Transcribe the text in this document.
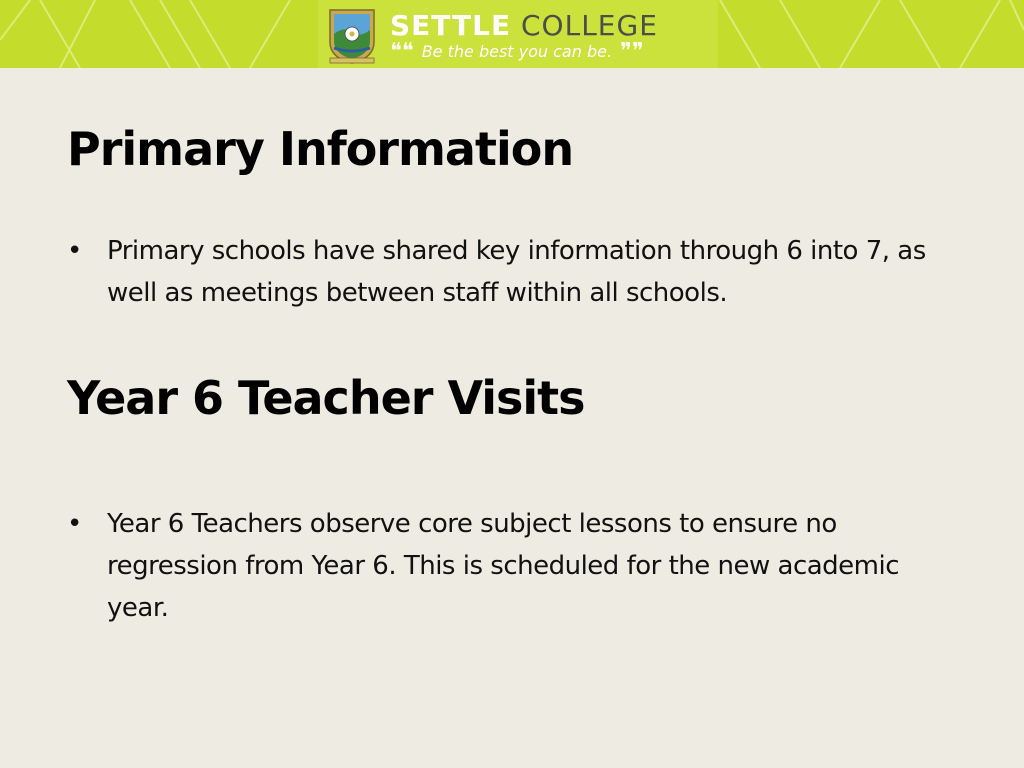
SETTLE COLLEGE
❝❝ Be the best you can be. ❞❞
Primary Information
• Primary schools have shared key information through 6 into 7, as well as meetings between staff within all schools.
Year 6 Teacher Visits
• Year 6 Teachers observe core subject lessons to ensure no regression from Year 6. This is scheduled for the new academic year.
